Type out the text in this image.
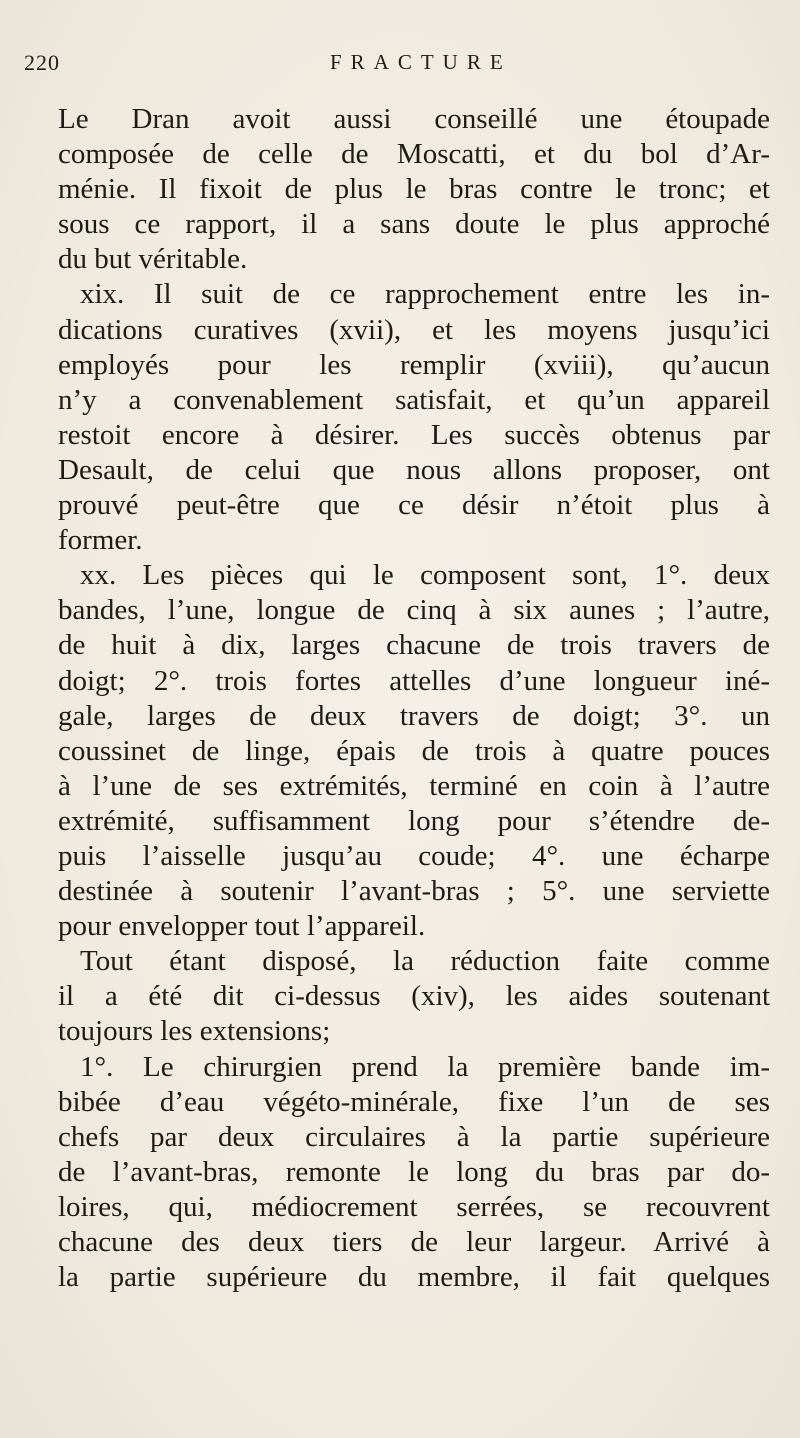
220	FRACTURE
Le Dran avoit aussi conseillé une étoupade
composée de celle de Moscatti, et du bol d’Ar-
ménie. Il fixoit de plus le bras contre le tronc; et
sous ce rapport, il a sans doute le plus approché
du but véritable.
xix. Il suit de ce rapprochement entre les in-
dications curatives (xvii), et les moyens jusqu’ici
employés pour les remplir (xviii), qu’aucun
n’y a convenablement satisfait, et qu’un appareil
restoit encore à désirer. Les succès obtenus par
Desault, de celui que nous allons proposer, ont
prouvé peut-être que ce désir n’étoit plus à
former.
xx. Les pièces qui le composent sont, 1°. deux
bandes, l’une, longue de cinq à six aunes ; l’autre,
de huit à dix, larges chacune de trois travers de
doigt; 2°. trois fortes attelles d’une longueur iné-
gale, larges de deux travers de doigt; 3°. un
coussinet de linge, épais de trois à quatre pouces
à l’une de ses extrémités, terminé en coin à l’autre
extrémité, suffisamment long pour s’étendre de-
puis l’aisselle jusqu’au coude; 4°. une écharpe
destinée à soutenir l’avant-bras ; 5°. une serviette
pour envelopper tout l’appareil.
Tout étant disposé, la réduction faite comme
il a été dit ci-dessus (xiv), les aides soutenant
toujours les extensions;
1°. Le chirurgien prend la première bande im-
bibée d’eau végéto-minérale, fixe l’un de ses
chefs par deux circulaires à la partie supérieure
de l’avant-bras, remonte le long du bras par do-
loires, qui, médiocrement serrées, se recouvrent
chacune des deux tiers de leur largeur. Arrivé à
la partie supérieure du membre, il fait quelques
